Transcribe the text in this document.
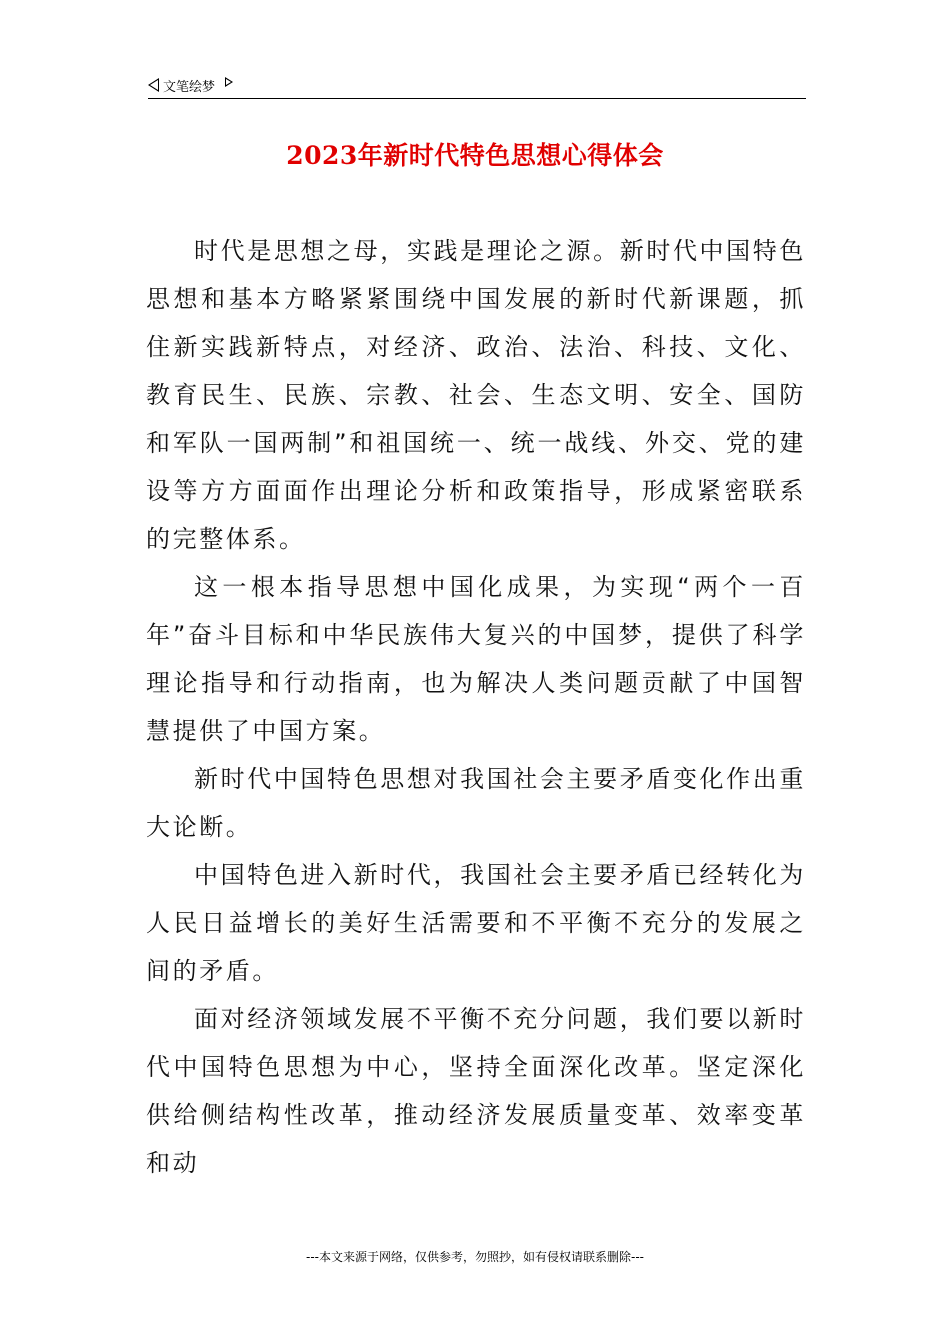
文笔绘梦
2023年新时代特色思想心得体会

时代是思想之母，实践是理论之源。新时代中国特色思想和基本方略紧紧围绕中国发展的新时代新课题，抓住新实践新特点，对经济、政治、法治、科技、文化、教育民生、民族、宗教、社会、生态文明、安全、国防和军队一国两制”和祖国统一、统一战线、外交、党的建设等方方面面作出理论分析和政策指导，形成紧密联系的完整体系。

这一根本指导思想中国化成果，为实现“两个一百年”奋斗目标和中华民族伟大复兴的中国梦，提供了科学理论指导和行动指南，也为解决人类问题贡献了中国智慧提供了中国方案。

新时代中国特色思想对我国社会主要矛盾变化作出重大论断。

中国特色进入新时代，我国社会主要矛盾已经转化为人民日益增长的美好生活需要和不平衡不充分的发展之间的矛盾。

面对经济领域发展不平衡不充分问题，我们要以新时代中国特色思想为中心，坚持全面深化改革。坚定深化供给侧结构性改革，推动经济发展质量变革、效率变革和动

---本文来源于网络，仅供参考，勿照抄，如有侵权请联系删除---
